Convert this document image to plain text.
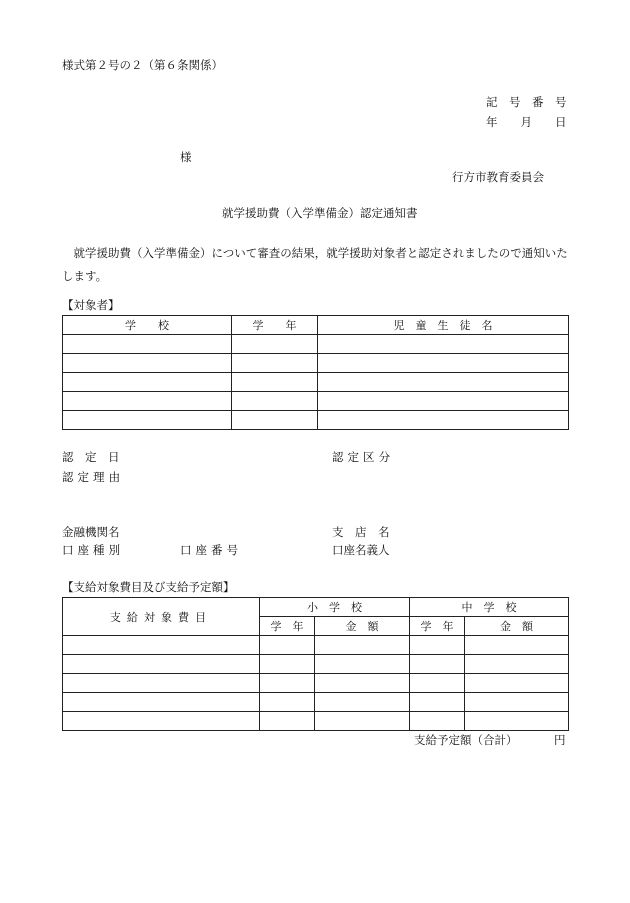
様式第２号の２（第６条関係）
記　号　番　号
年　　月　　日
様
行方市教育委員会
就学援助費（入学準備金）認定通知書
就学援助費（入学準備金）について審査の結果，就学援助対象者と認定されましたので通知いたします。
【対象者】
学　　校	学　　年	児　童　生　徒　名

認　定　日	認定区分
認定理由
金融機関名	支　店　名
口座種別	口座番号	口座名義人
【支給対象費目及び支給予定額】
支給対象費目	小　学　校		中　学　校	
	学　年	金　額	学　年	金　額

支給予定額（合計）	円
